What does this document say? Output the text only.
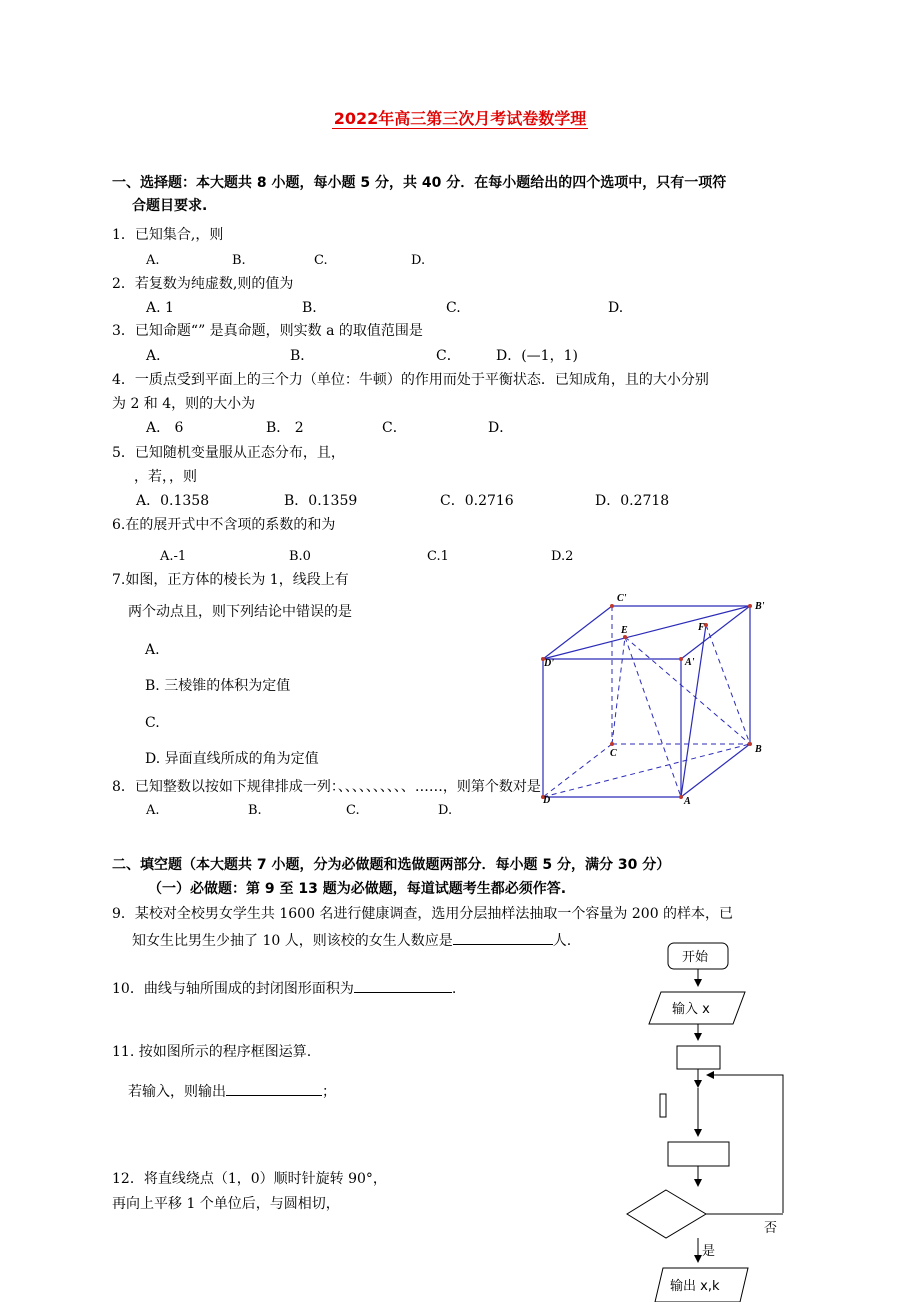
2022年高三第三次月考试卷数学理
一、选择题：本大题共 8 小题，每小题 5 分，共 40 分．在每小题给出的四个选项中，只有一项符
合题目要求.
1．已知集合,，则
A.	B.	C.	D.
2．若复数为纯虚数,则的值为
A. 1	B.	C.	D.
3．已知命题“” 是真命题，则实数 a 的取值范围是
A．	B．	C．	D．(—1，1)
4．一质点受到平面上的三个力（单位：牛顿）的作用而处于平衡状态．已知成角，且的大小分别
为 2 和 4，则的大小为
A． 6	B． 2	C．	D．
5．已知随机变量服从正态分布，且，
，若，，则
A．0.1358	B．0.1359	C．0.2716	D．0.2718
6.在的展开式中不含项的系数的和为
A.-1	B.0	C.1	D.2
7.如图，正方体的棱长为 1，线段上有
两个动点且，则下列结论中错误的是
A.
B. 三棱锥的体积为定值
C.
D. 异面直线所成的角为定值
C'
B'
E	F
D'	A'
C	B
D	A
8．已知整数以按如下规律排成一列：、、、、、、、、、、……，则第个数对是
A.	B.	C.	D.
二、填空题（本大题共 7 小题，分为必做题和选做题两部分．每小题 5 分，满分 30 分）
（一）必做题：第 9 至 13 题为必做题，每道试题考生都必须作答.
9．某校对全校男女学生共 1600 名进行健康调查，选用分层抽样法抽取一个容量为 200 的样本，已
知女生比男生少抽了 10 人，则该校的女生人数应是	人.
10．曲线与轴所围成的封闭图形面积为	.
11. 按如图所示的程序框图运算.
若输入，则输出	；
12．将直线绕点（1，0）顺时针旋转 90°，
再向上平移 1 个单位后，与圆相切，
开始
输入 x
否
是
输出 x,k
